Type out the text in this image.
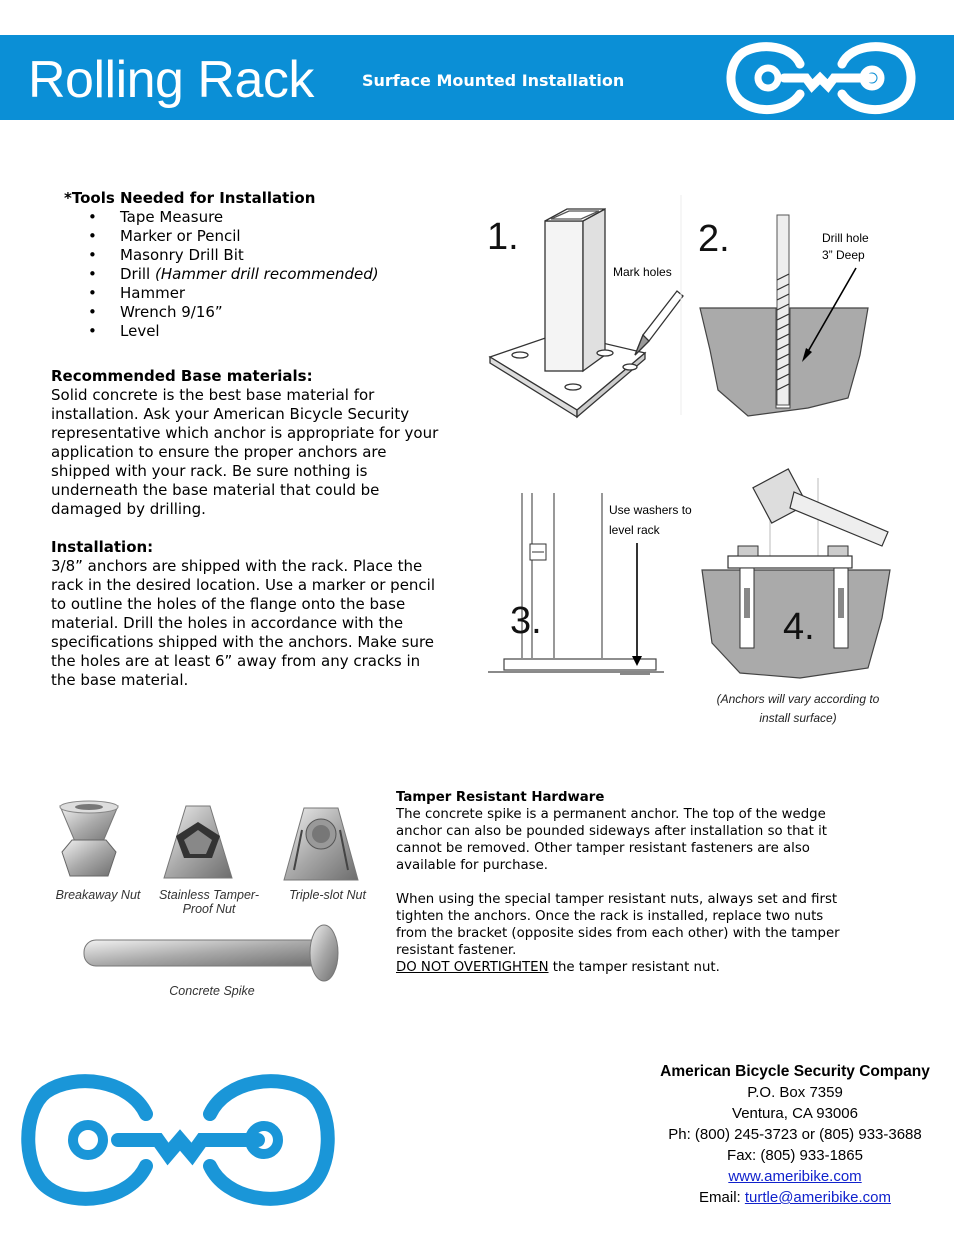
Rolling Rack	Surface Mounted Installation
*Tools Needed for Installation
• Tape Measure
• Marker or Pencil
• Masonry Drill Bit
• Drill (Hammer drill recommended)
• Hammer
• Wrench 9/16”
• Level
Recommended Base materials:
Solid concrete is the best base material for
installation. Ask your American Bicycle Security
representative which anchor is appropriate for your
application to ensure the proper anchors are
shipped with your rack. Be sure nothing is
underneath the base material that could be
damaged by drilling.
Installation:
3/8” anchors are shipped with the rack. Place the
rack in the desired location. Use a marker or pencil
to outline the holes of the flange onto the base
material. Drill the holes in accordance with the
specifications shipped with the anchors. Make sure
the holes are at least 6” away from any cracks in
the base material.
1.
Mark holes
2.	Drill hole
3” Deep
3.
Use washers to
level rack
4.
(Anchors will vary according to
install surface)
Breakaway Nut	Stainless Tamper-
Proof Nut
Triple-slot Nut
Concrete Spike
Tamper Resistant Hardware
The concrete spike is a permanent anchor. The top of the wedge
anchor can also be pounded sideways after installation so that it
cannot be removed. Other tamper resistant fasteners are also
available for purchase.
When using the special tamper resistant nuts, always set and first
tighten the anchors. Once the rack is installed, replace two nuts
from the bracket (opposite sides from each other) with the tamper
resistant fastener.
DO NOT OVERTIGHTEN the tamper resistant nut.
American Bicycle Security Company
P.O. Box 7359
Ventura, CA 93006
Ph: (800) 245-3723 or (805) 933-3688
Fax: (805) 933-1865
www.ameribike.com
Email: turtle@ameribike.com
